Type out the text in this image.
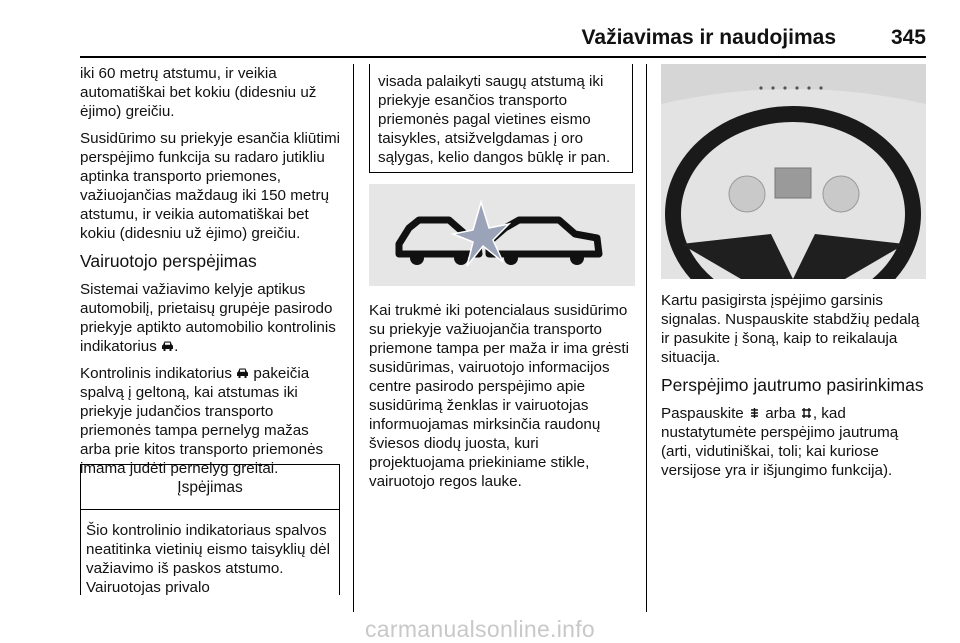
Važiavimas ir naudojimas	345

iki 60 metrų atstumu, ir veikia automatiškai bet kokiu (didesniu už ėjimo) greičiu.

Susidūrimo su priekyje esančia kliūtimi perspėjimo funkcija su radaro jutikliu aptinka transporto priemones, važiuojančias maždaug iki 150 metrų atstumu, ir veikia automatiškai bet kokiu (didesniu už ėjimo) greičiu.

Vairuotojo perspėjimas

Sistemai važiavimo kelyje aptikus automobilį, prietaisų grupėje pasirodo priekyje aptikto automobilio kontrolinis indikatorius .

Kontrolinis indikatorius pakeičia spalvą į geltoną, kai atstumas iki priekyje judančios transporto priemonės tampa pernelyg mažas arba prie kitos transporto priemonės imama judėti pernelyg greitai.

Įspėjimas
Šio kontrolinio indikatoriaus spalvos neatitinka vietinių eismo taisyklių dėl važiavimo iš paskos atstumo. Vairuotojas privalo
visada palaikyti saugų atstumą iki priekyje esančios transporto priemonės pagal vietines eismo taisykles, atsižvelgdamas į oro sąlygas, kelio dangos būklę ir pan.
Kai trukmė iki potencialaus susidūrimo su priekyje važiuojančia transporto priemone tampa per maža ir ima grėsti susidūrimas, vairuotojo informacijos centre pasirodo perspėjimo apie susidūrimą ženklas ir vairuotojas informuojamas mirksinčia raudonų šviesos diodų juosta, kuri projektuojama priekiniame stikle, vairuotojo regos lauke.

Kartu pasigirsta įspėjimo garsinis signalas. Nuspauskite stabdžių pedalą ir pasukite į šoną, kaip to reikalauja situacija.

Perspėjimo jautrumo pasirinkimas

Paspauskite arba , kad nustatytumėte perspėjimo jautrumą (arti, vidutiniškai, toli; kai kuriose versijose yra ir išjungimo funkcija).

carmanualsonline.info
